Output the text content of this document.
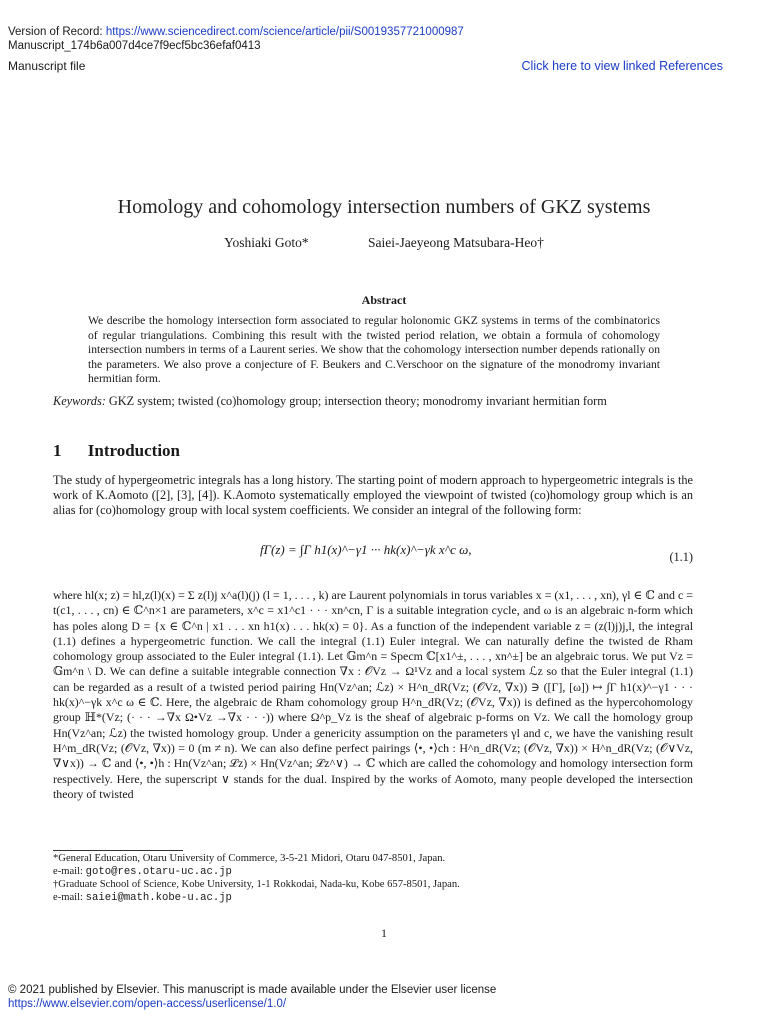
Version of Record: https://www.sciencedirect.com/science/article/pii/S0019357721000987
Manuscript_174b6a007d4ce7f9ecf5bc36efaf0413
Manuscript file	Click here to view linked References
Homology and cohomology intersection numbers of GKZ systems
Yoshiaki Goto*	Saiei-Jaeyeong Matsubara-Heo†
Abstract
We describe the homology intersection form associated to regular holonomic GKZ systems in terms of the combinatorics of regular triangulations. Combining this result with the twisted period relation, we obtain a formula of cohomology intersection numbers in terms of a Laurent series. We show that the cohomology intersection number depends rationally on the parameters. We also prove a conjecture of F. Beukers and C.Verschoor on the signature of the monodromy invariant hermitian form.
Keywords: GKZ system; twisted (co)homology group; intersection theory; monodromy invariant hermitian form
1 Introduction
The study of hypergeometric integrals has a long history. The starting point of modern approach to hypergeometric integrals is the work of K.Aomoto ([2], [3], [4]). K.Aomoto systematically employed the viewpoint of twisted (co)homology group which is an alias for (co)homology group with local system coefficients. We consider an integral of the following form:
fΓ(z) = ∫Γ h1(x)^−γ1 ··· hk(x)^−γk x^c ω,	(1.1)
where hl(x; z) = hl,z(l)(x) = Σ z(l)j x^a(l)(j) (l = 1, . . . , k) are Laurent polynomials in torus variables x = (x1, . . . , xn), γl ∈ ℂ and c = t(c1, . . . , cn) ∈ ℂ^n×1 are parameters, x^c = x1^c1 · · · xn^cn, Γ is a suitable integration cycle, and ω is an algebraic n-form which has poles along D = {x ∈ ℂ^n | x1 . . . xn h1(x) . . . hk(x) = 0}. As a function of the independent variable z = (z(l)j)j,l, the integral (1.1) defines a hypergeometric function. We call the integral (1.1) Euler integral. We can naturally define the twisted de Rham cohomology group associated to the Euler integral (1.1). Let 𝔾m^n = Specm ℂ[x1^±, . . . , xn^±] be an algebraic torus. We put Vz = 𝔾m^n \ D. We can define a suitable integrable connection ∇x : 𝒪Vz → Ω¹Vz and a local system ℒz so that the Euler integral (1.1) can be regarded as a result of a twisted period pairing Hn(Vz^an; ℒz) × H^n_dR(Vz; (𝒪Vz, ∇x)) ∋ ([Γ], [ω]) ↦ ∫Γ h1(x)^−γ1 · · · hk(x)^−γk x^c ω ∈ ℂ. Here, the algebraic de Rham cohomology group H^n_dR(Vz; (𝒪Vz, ∇x)) is defined as the hypercohomology group ℍ*(Vz; (· · · →∇x Ω•Vz →∇x · · ·)) where Ω^p_Vz is the sheaf of algebraic p-forms on Vz. We call the homology group Hn(Vz^an; ℒz) the twisted homology group. Under a genericity assumption on the parameters γl and c, we have the vanishing result H^m_dR(Vz; (𝒪Vz, ∇x)) = 0 (m ≠ n). We can also define perfect pairings ⟨•, •⟩ch : H^n_dR(Vz; (𝒪Vz, ∇x)) × H^n_dR(Vz; (𝒪∨Vz, ∇∨x)) → ℂ and ⟨•, •⟩h : Hn(Vz^an; ℒz) × Hn(Vz^an; ℒz^∨) → ℂ which are called the cohomology and homology intersection form respectively. Here, the superscript ∨ stands for the dual. Inspired by the works of Aomoto, many people developed the intersection theory of twisted
*General Education, Otaru University of Commerce, 3-5-21 Midori, Otaru 047-8501, Japan.
e-mail: goto@res.otaru-uc.ac.jp
†Graduate School of Science, Kobe University, 1-1 Rokkodai, Nada-ku, Kobe 657-8501, Japan.
e-mail: saiei@math.kobe-u.ac.jp
1
© 2021 published by Elsevier. This manuscript is made available under the Elsevier user license
https://www.elsevier.com/open-access/userlicense/1.0/
